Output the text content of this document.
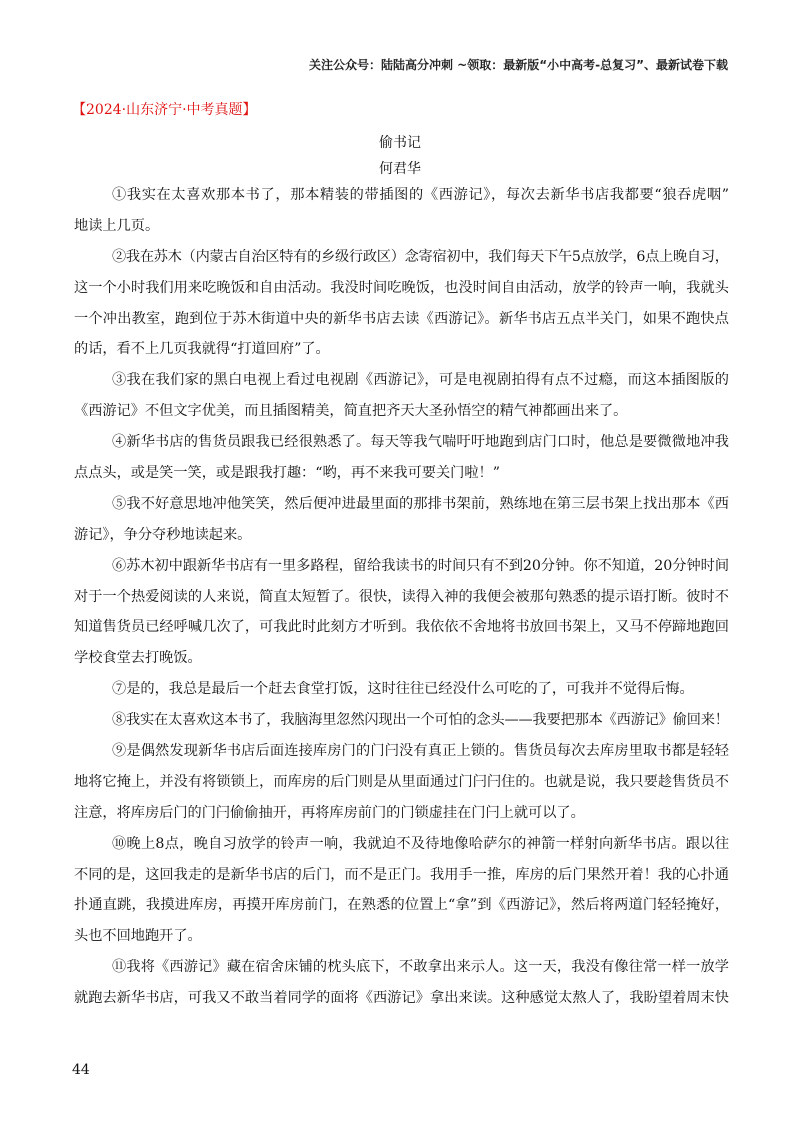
关注公众号：陆陆高分冲刺 ~领取：最新版“小中高考-总复习”、最新试卷下载
【2024·山东济宁·中考真题】
偷书记
何君华
①我实在太喜欢那本书了，那本精装的带插图的《西游记》，每次去新华书店我都要“狼吞虎咽”
地读上几页。
②我在苏木（内蒙古自治区特有的乡级行政区）念寄宿初中，我们每天下午5点放学，6点上晚自习，
这一个小时我们用来吃晚饭和自由活动。我没时间吃晚饭，也没时间自由活动，放学的铃声一响，我就头
一个冲出教室，跑到位于苏木街道中央的新华书店去读《西游记》。新华书店五点半关门，如果不跑快点
的话，看不上几页我就得“打道回府”了。
③我在我们家的黑白电视上看过电视剧《西游记》，可是电视剧拍得有点不过瘾，而这本插图版的
《西游记》不但文字优美，而且插图精美，简直把齐天大圣孙悟空的精气神都画出来了。
④新华书店的售货员跟我已经很熟悉了。每天等我气喘吁吁地跑到店门口时，他总是要微微地冲我
点点头，或是笑一笑，或是跟我打趣：“哟，再不来我可要关门啦！”
⑤我不好意思地冲他笑笑，然后便冲进最里面的那排书架前，熟练地在第三层书架上找出那本《西
游记》，争分夺秒地读起来。
⑥苏木初中跟新华书店有一里多路程，留给我读书的时间只有不到20分钟。你不知道，20分钟时间
对于一个热爱阅读的人来说，简直太短暂了。很快，读得入神的我便会被那句熟悉的提示语打断。彼时不
知道售货员已经呼喊几次了，可我此时此刻方才听到。我依依不舍地将书放回书架上，又马不停蹄地跑回
学校食堂去打晚饭。
⑦是的，我总是最后一个赶去食堂打饭，这时往往已经没什么可吃的了，可我并不觉得后悔。
⑧我实在太喜欢这本书了，我脑海里忽然闪现出一个可怕的念头——我要把那本《西游记》偷回来！
⑨是偶然发现新华书店后面连接库房门的门闩没有真正上锁的。售货员每次去库房里取书都是轻轻
地将它掩上，并没有将锁锁上，而库房的后门则是从里面通过门闩闩住的。也就是说，我只要趁售货员不
注意，将库房后门的门闩偷偷抽开，再将库房前门的门锁虚挂在门闩上就可以了。
⑩晚上8点，晚自习放学的铃声一响，我就迫不及待地像哈萨尔的神箭一样射向新华书店。跟以往
不同的是，这回我走的是新华书店的后门，而不是正门。我用手一推，库房的后门果然开着！我的心扑通
扑通直跳，我摸进库房，再摸开库房前门，在熟悉的位置上“拿”到《西游记》，然后将两道门轻轻掩好，
头也不回地跑开了。
⑪我将《西游记》藏在宿舍床铺的枕头底下，不敢拿出来示人。这一天，我没有像往常一样一放学
就跑去新华书店，可我又不敢当着同学的面将《西游记》拿出来读。这种感觉太熬人了，我盼望着周末快
44
